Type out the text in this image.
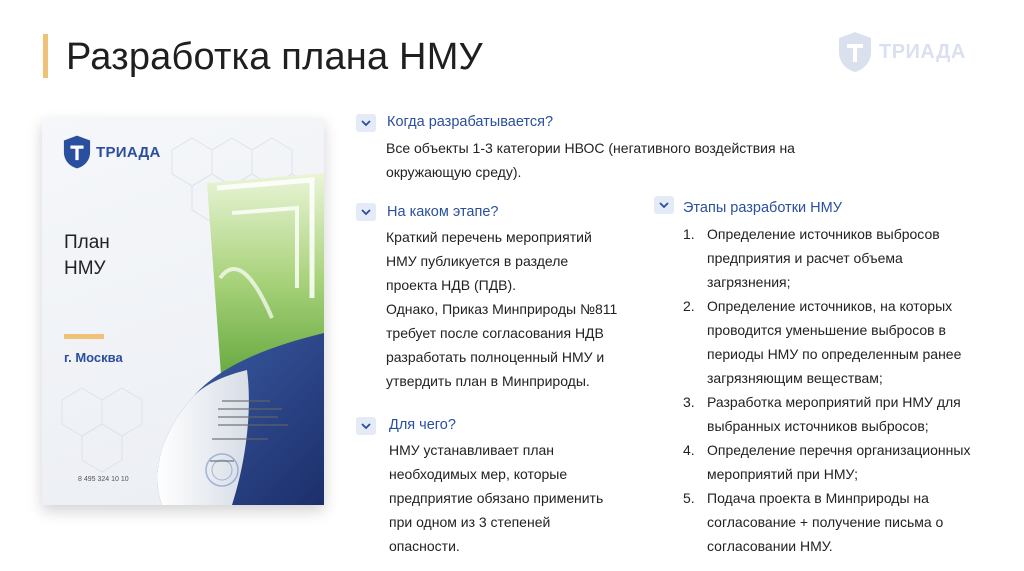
Разработка плана НМУ	ТРИАДА
ТРИАДА
План
НМУ
г. Москва
8 495 324 10 10
Когда разрабатывается?
Все объекты 1-3 категории НВОС (негативного воздействия на
окружающую среду).
На каком этапе?
Краткий перечень мероприятий
НМУ публикуется в разделе
проекта НДВ (ПДВ).
Однако, Приказ Минприроды №811
требует после согласования НДВ
разработать полноценный НМУ и
утвердить план в Минприроды.
Для чего?
НМУ устанавливает план
необходимых мер, которые
предприятие обязано применить
при одном из 3 степеней
опасности.
Этапы разработки НМУ
1. Определение источников выбросов
предприятия и расчет объема
загрязнения;
2. Определение источников, на которых
проводится уменьшение выбросов в
периоды НМУ по определенным ранее
загрязняющим веществам;
3. Разработка мероприятий при НМУ для
выбранных источников выбросов;
4. Определение перечня организационных
мероприятий при НМУ;
5. Подача проекта в Минприроды на
согласование + получение письма о
согласовании НМУ.
